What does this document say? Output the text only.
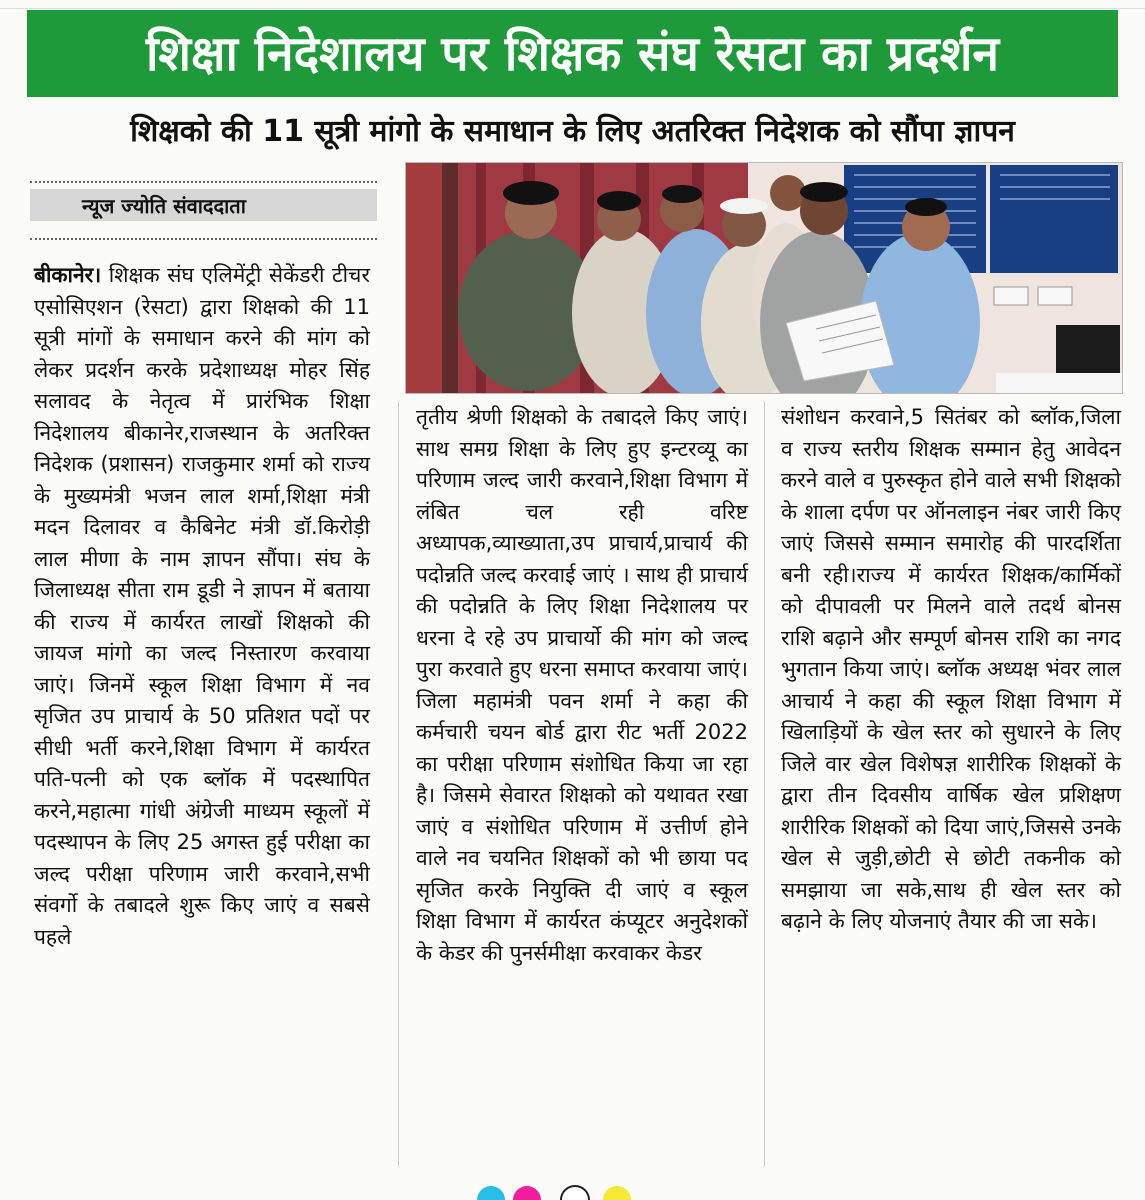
शिक्षा निदेशालय पर शिक्षक संघ रेसटा का प्रदर्शन
शिक्षको की 11 सूत्री मांगो के समाधान के लिए अतरिक्त निदेशक को सौंपा ज्ञापन
न्यूज ज्योति संवाददाता
बीकानेर। शिक्षक संघ एलिमेंट्री सेकेंडरी टीचर एसोसिएशन (रेसटा) द्वारा शिक्षको की 11 सूत्री मांगों के समाधान करने की मांग को लेकर प्रदर्शन करके प्रदेशाध्यक्ष मोहर सिंह सलावद के नेतृत्व में प्रारंभिक शिक्षा निदेशालय बीकानेर,राजस्थान के अतरिक्त निदेशक (प्रशासन) राजकुमार शर्मा को राज्य के मुख्यमंत्री भजन लाल शर्मा,शिक्षा मंत्री मदन दिलावर व कैबिनेट मंत्री डॉ.किरोड़ी लाल मीणा के नाम ज्ञापन सौंपा। संघ के जिलाध्यक्ष सीता राम डूडी ने ज्ञापन में बताया की राज्य में कार्यरत लाखों शिक्षको की जायज मांगो का जल्द निस्तारण करवाया जाएं। जिनमें स्कूल शिक्षा विभाग में नव सृजित उप प्राचार्य के 50 प्रतिशत पदों पर सीधी भर्ती करने,शिक्षा विभाग में कार्यरत पति-पत्नी को एक ब्लॉक में पदस्थापित करने,महात्मा गांधी अंग्रेजी माध्यम स्कूलों में पदस्थापन के लिए 25 अगस्त हुई परीक्षा का जल्द परीक्षा परिणाम जारी करवाने,सभी संवर्गो के तबादले शुरू किए जाएं व सबसे पहले
तृतीय श्रेणी शिक्षको के तबादले किए जाएं।साथ समग्र शिक्षा के लिए हुए इन्टरव्यू का परिणाम जल्द जारी करवाने,शिक्षा विभाग में लंबित चल रही वरिष्ट अध्यापक,व्याख्याता,उप प्राचार्य,प्राचार्य की पदोन्नति जल्द करवाई जाएं । साथ ही प्राचार्य की पदोन्नति के लिए शिक्षा निदेशालय पर धरना दे रहे उप प्राचार्यो की मांग को जल्द पुरा करवाते हुए धरना समाप्त करवाया जाएं।जिला महामंत्री पवन शर्मा ने कहा की कर्मचारी चयन बोर्ड द्वारा रीट भर्ती 2022 का परीक्षा परिणाम संशोधित किया जा रहा है। जिसमे सेवारत शिक्षको को यथावत रखा जाएं व संशोधित परिणाम में उत्तीर्ण होने वाले नव चयनित शिक्षकों को भी छाया पद सृजित करके नियुक्ति दी जाएं व स्कूल शिक्षा विभाग में कार्यरत कंप्यूटर अनुदेशकों के केडर की पुनर्समीक्षा करवाकर केडर
संशोधन करवाने,5 सितंबर को ब्लॉक,जिला व राज्य स्तरीय शिक्षक सम्मान हेतु आवेदन करने वाले व पुरुस्कृत होने वाले सभी शिक्षको के शाला दर्पण पर ऑनलाइन नंबर जारी किए जाएं जिससे सम्मान समारोह की पारदर्शिता बनी रही।राज्य में कार्यरत शिक्षक/कार्मिकों को दीपावली पर मिलने वाले तदर्थ बोनस राशि बढ़ाने और सम्पूर्ण बोनस राशि का नगद भुगतान किया जाएं। ब्लॉक अध्यक्ष भंवर लाल आचार्य ने कहा की स्कूल शिक्षा विभाग में खिलाड़ियों के खेल स्तर को सुधारने के लिए जिले वार खेल विशेषज्ञ शारीरिक शिक्षकों के द्वारा तीन दिवसीय वार्षिक खेल प्रशिक्षण शारीरिक शिक्षकों को दिया जाएं,जिससे उनके खेल से जुड़ी,छोटी से छोटी तकनीक को समझाया जा सके,साथ ही खेल स्तर को बढ़ाने के लिए योजनाएं तैयार की जा सके।
